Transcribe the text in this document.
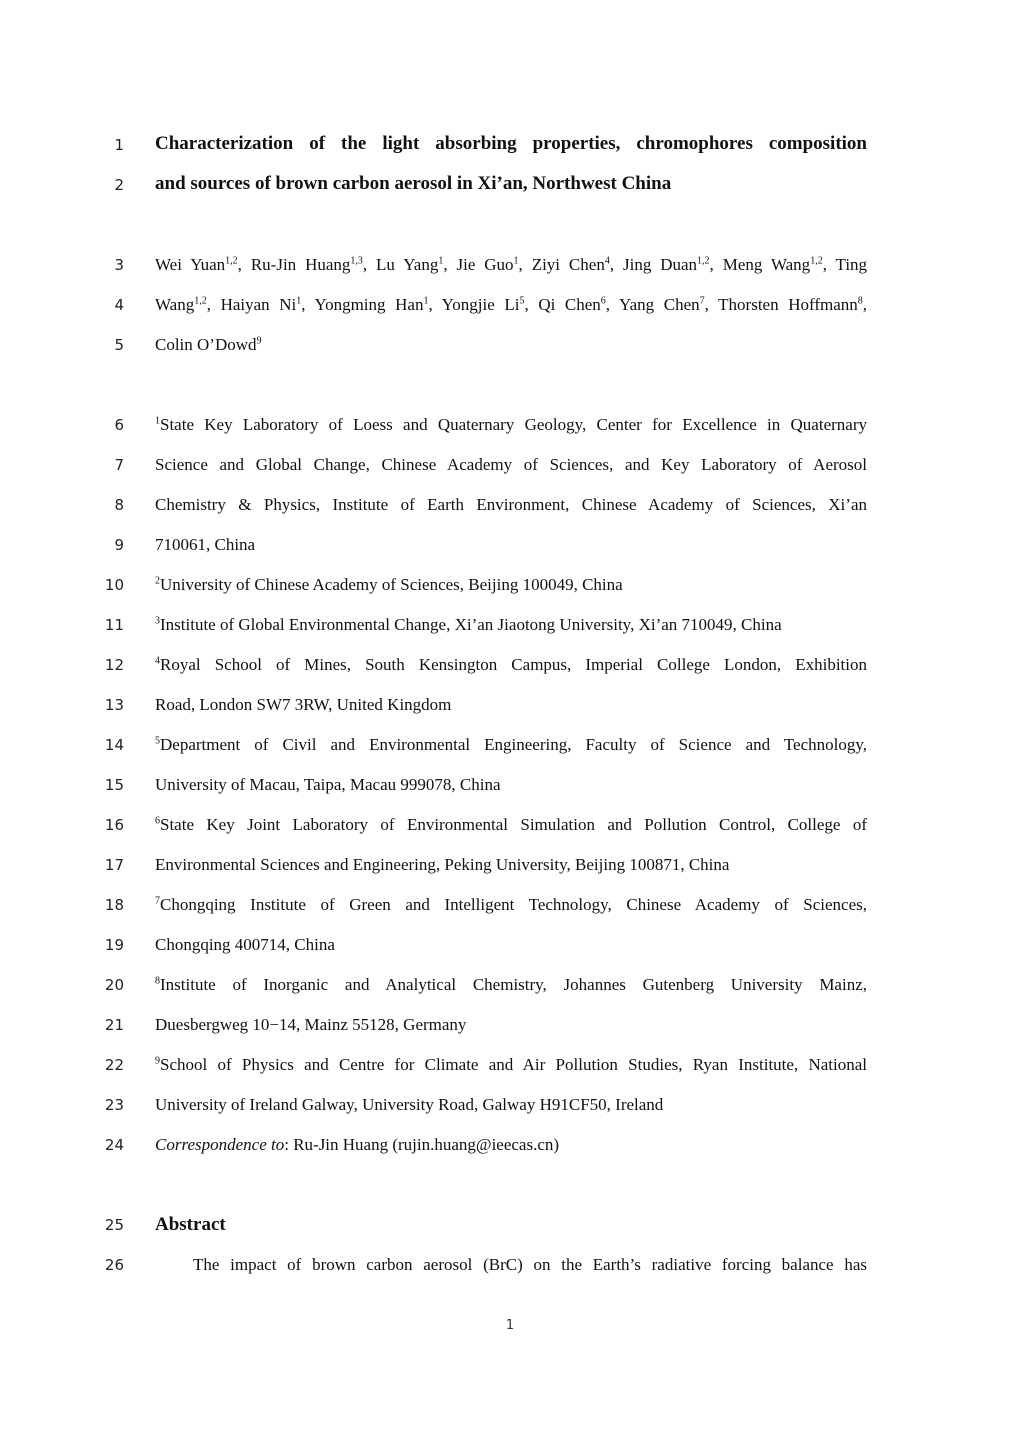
1
2
3
4
5
6
7
8
9
10
11
12
13
14
15
16
17
18
19
20
21
22
23
24
25
26
Characterization of the light absorbing properties, chromophores composition
and sources of brown carbon aerosol in Xi’an, Northwest China
Wei Yuan$^{1,2}$, Ru-Jin Huang$^{1,3}$, Lu Yang$^1$, Jie Guo$^1$, Ziyi Chen$^4$, Jing Duan$^{1,2}$, Meng Wang$^{1,2}$, Ting
Wang$^{1,2}$, Haiyan Ni$^1$, Yongming Han$^1$, Yongjie Li$^5$, Qi Chen$^6$, Yang Chen$^7$, Thorsten Hoffmann$^8$,
Colin O’Dowd$^9$
$^1$State Key Laboratory of Loess and Quaternary Geology, Center for Excellence in Quaternary
Science and Global Change, Chinese Academy of Sciences, and Key Laboratory of Aerosol
Chemistry & Physics, Institute of Earth Environment, Chinese Academy of Sciences, Xi’an
710061, China
$^2$University of Chinese Academy of Sciences, Beijing 100049, China
$^3$Institute of Global Environmental Change, Xi’an Jiaotong University, Xi’an 710049, China
$^4$Royal School of Mines, South Kensington Campus, Imperial College London, Exhibition
Road, London SW7 3RW, United Kingdom
$^5$Department of Civil and Environmental Engineering, Faculty of Science and Technology,
University of Macau, Taipa, Macau 999078, China
$^6$State Key Joint Laboratory of Environmental Simulation and Pollution Control, College of
Environmental Sciences and Engineering, Peking University, Beijing 100871, China
$^7$Chongqing Institute of Green and Intelligent Technology, Chinese Academy of Sciences,
Chongqing 400714, China
$^8$Institute of Inorganic and Analytical Chemistry, Johannes Gutenberg University Mainz,
Duesbergweg 10−14, Mainz 55128, Germany
$^9$School of Physics and Centre for Climate and Air Pollution Studies, Ryan Institute, National
University of Ireland Galway, University Road, Galway H91CF50, Ireland
Correspondence to: Ru-Jin Huang (rujin.huang@ieecas.cn)
Abstract
The impact of brown carbon aerosol (BrC) on the Earth’s radiative forcing balance has
1
